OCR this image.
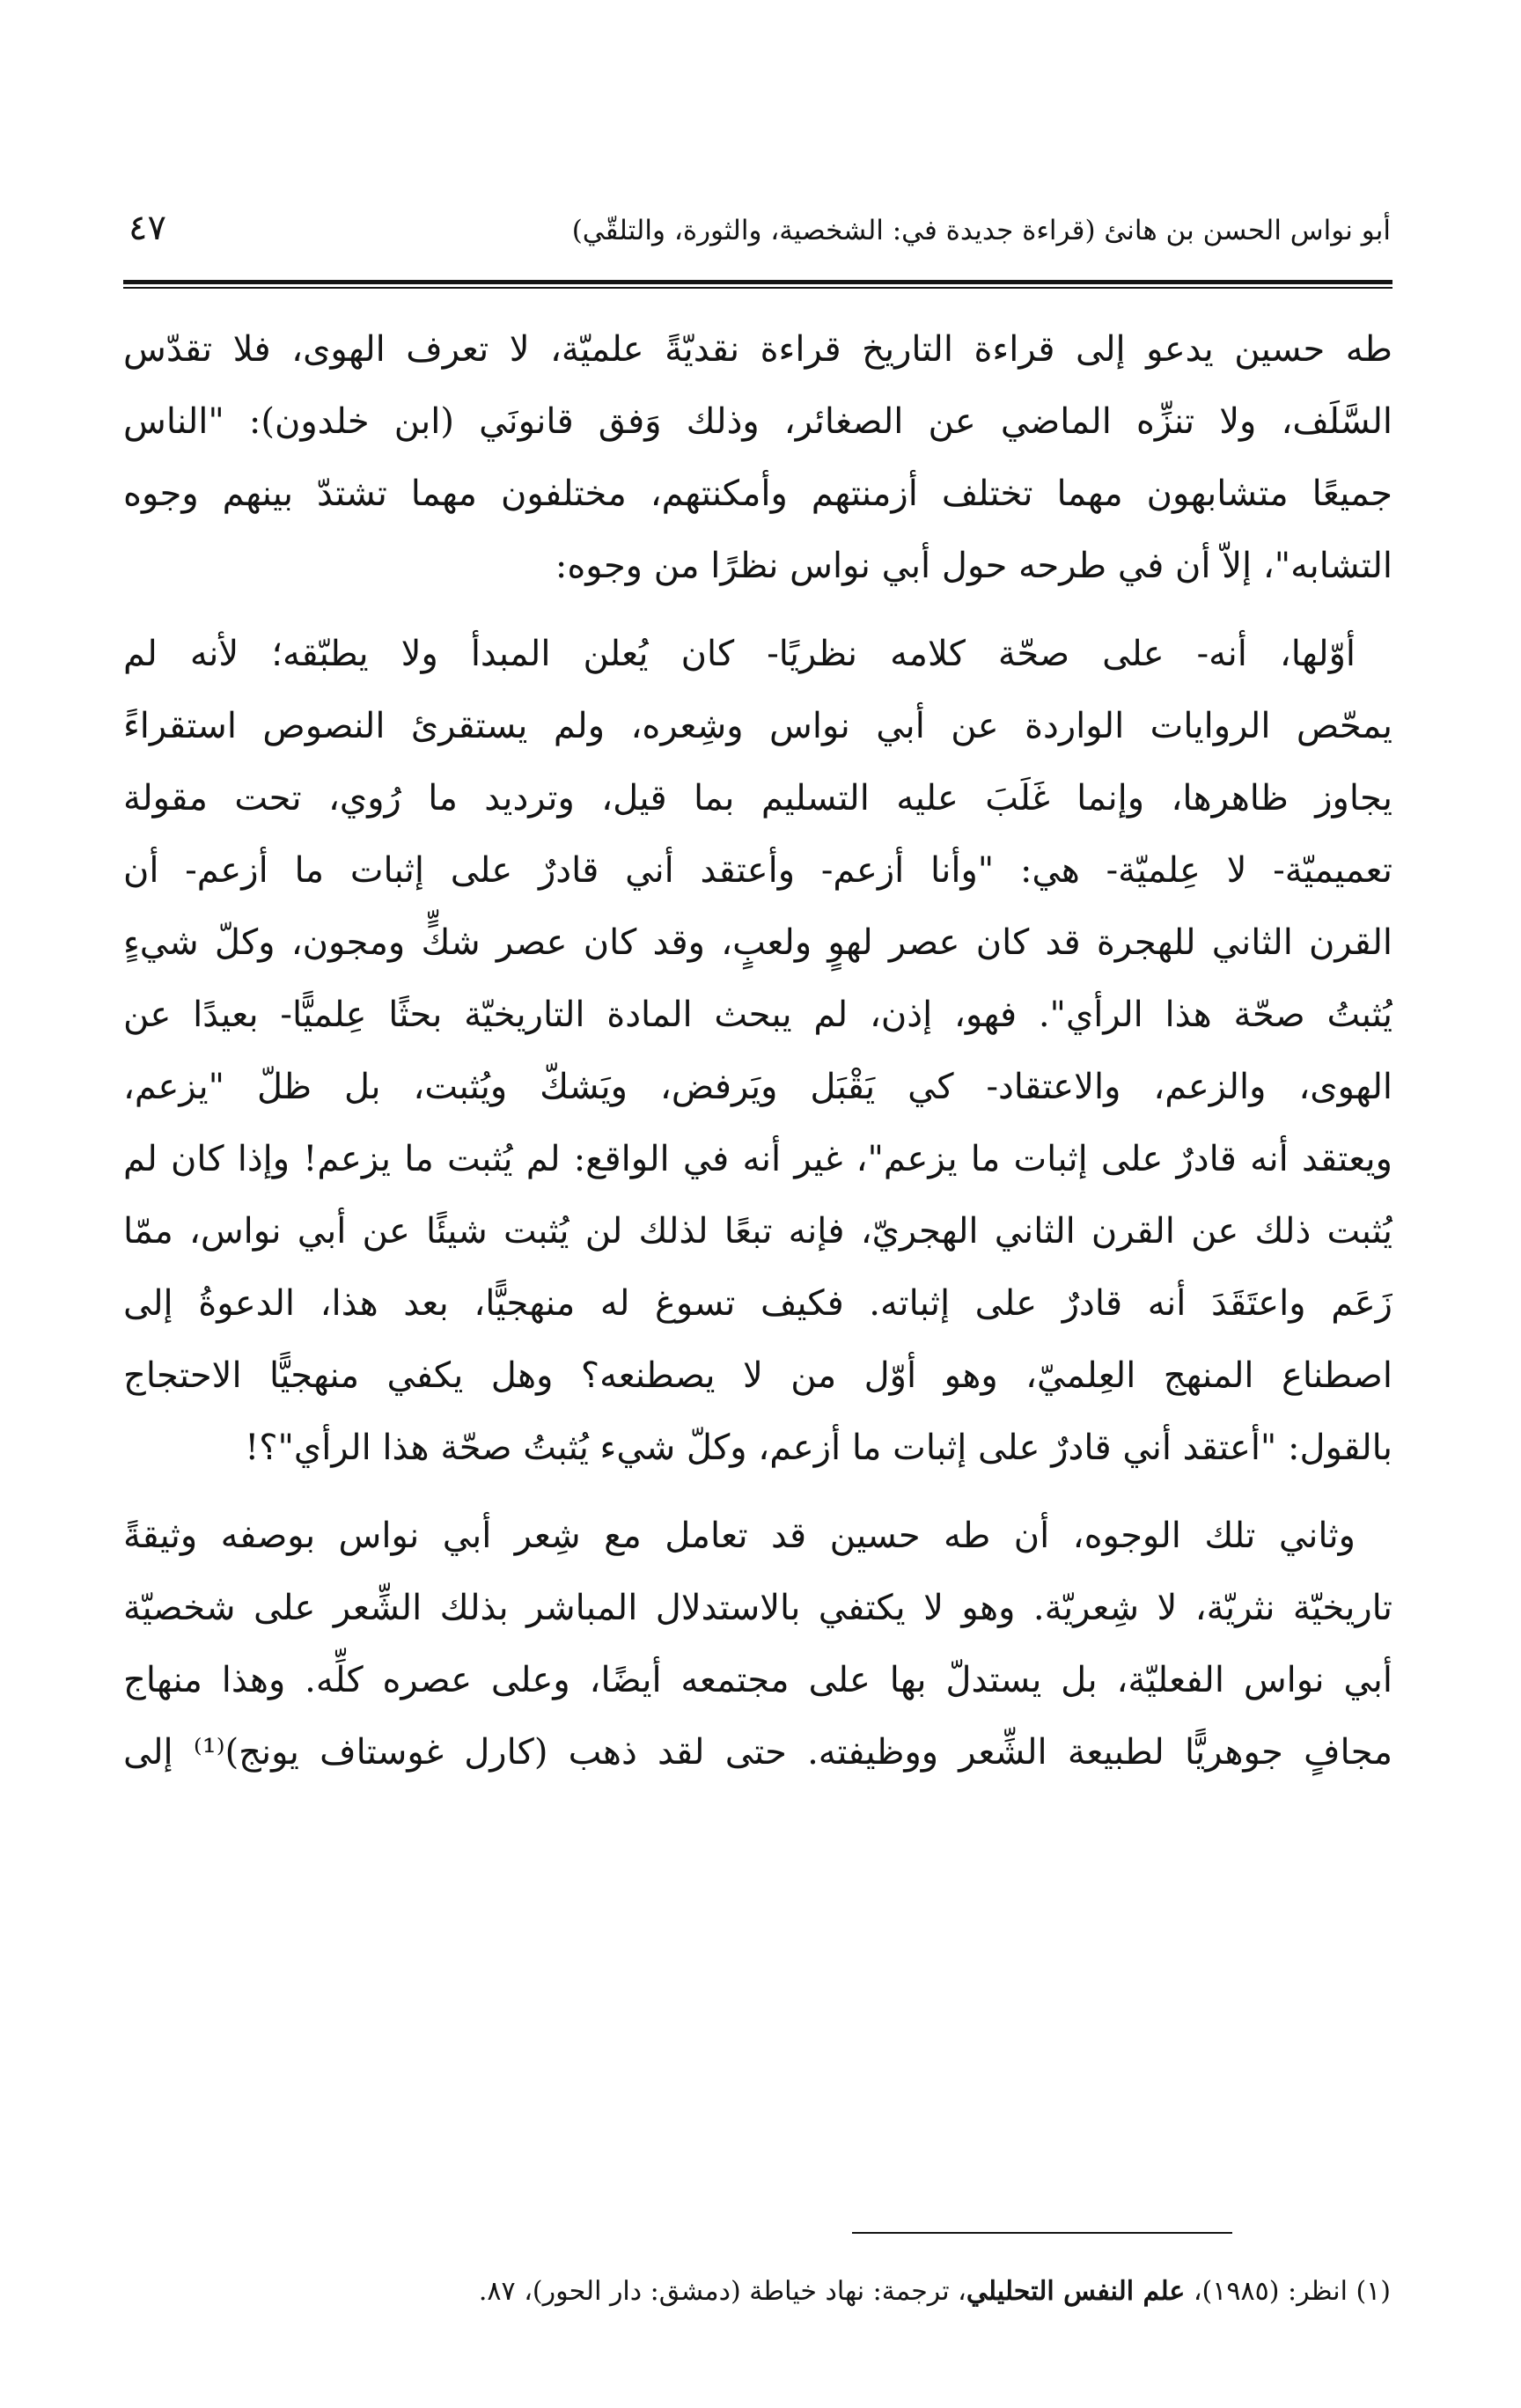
أبو نواس الحسن بن هانئ (قراءة جديدة في: الشخصية، والثورة، والتلقّي)
٤٧
طه حسين يدعو إلى قراءة التاريخ قراءة نقديّةً علميّة، لا تعرف الهوى، فلا تقدّس
السَّلَف، ولا تنزِّه الماضي عن الصغائر، وذلك وَفق قانونَي (ابن خلدون): "الناس
جميعًا متشابهون مهما تختلف أزمنتهم وأمكنتهم، مختلفون مهما تشتدّ بينهم وجوه
التشابه"، إلاّ أن في طرحه حول أبي نواس نظرًا من وجوه:
أوّلها، أنه- على صحّة كلامه نظريًا- كان يُعلن المبدأ ولا يطبّقه؛ لأنه لم
يمحّص الروايات الواردة عن أبي نواس وشِعره، ولم يستقرئ النصوص استقراءً
يجاوز ظاهرها، وإنما غَلَبَ عليه التسليم بما قيل، وترديد ما رُوي، تحت مقولة
تعميميّة- لا عِلميّة- هي: "وأنا أزعم- وأعتقد أني قادرٌ على إثبات ما أزعم- أن
القرن الثاني للهجرة قد كان عصر لهوٍ ولعبٍ، وقد كان عصر شكٍّ ومجون، وكلّ شيءٍ
يُثبتُ صحّة هذا الرأي". فهو، إذن، لم يبحث المادة التاريخيّة بحثًا عِلميًّا- بعيدًا عن
الهوى، والزعم، والاعتقاد- كي يَقْبَل ويَرفض، ويَشكّ ويُثبت، بل ظلّ "يزعم،
ويعتقد أنه قادرٌ على إثبات ما يزعم"، غير أنه في الواقع: لم يُثبت ما يزعم! وإذا كان لم
يُثبت ذلك عن القرن الثاني الهجريّ، فإنه تبعًا لذلك لن يُثبت شيئًا عن أبي نواس، ممّا
زَعَم واعتَقَدَ أنه قادرٌ على إثباته. فكيف تسوغ له منهجيًّا، بعد هذا، الدعوةُ إلى
اصطناع المنهج العِلميّ، وهو أوّل من لا يصطنعه؟ وهل يكفي منهجيًّا الاحتجاج
بالقول: "أعتقد أني قادرٌ على إثبات ما أزعم، وكلّ شيء يُثبتُ صحّة هذا الرأي"؟!
وثاني تلك الوجوه، أن طه حسين قد تعامل مع شِعر أبي نواس بوصفه وثيقةً
تاريخيّة نثريّة، لا شِعريّة. وهو لا يكتفي بالاستدلال المباشر بذلك الشِّعر على شخصيّة
أبي نواس الفعليّة، بل يستدلّ بها على مجتمعه أيضًا، وعلى عصره كلِّه. وهذا منهاج
مجافٍ جوهريًّا لطبيعة الشِّعر ووظيفته. حتى لقد ذهب (كارل غوستاف يونج)⁽¹⁾ إلى
(١) انظر: (١٩٨٥)، علم النفس التحليلي، ترجمة: نهاد خياطة (دمشق: دار الحور)، ٨٧.
